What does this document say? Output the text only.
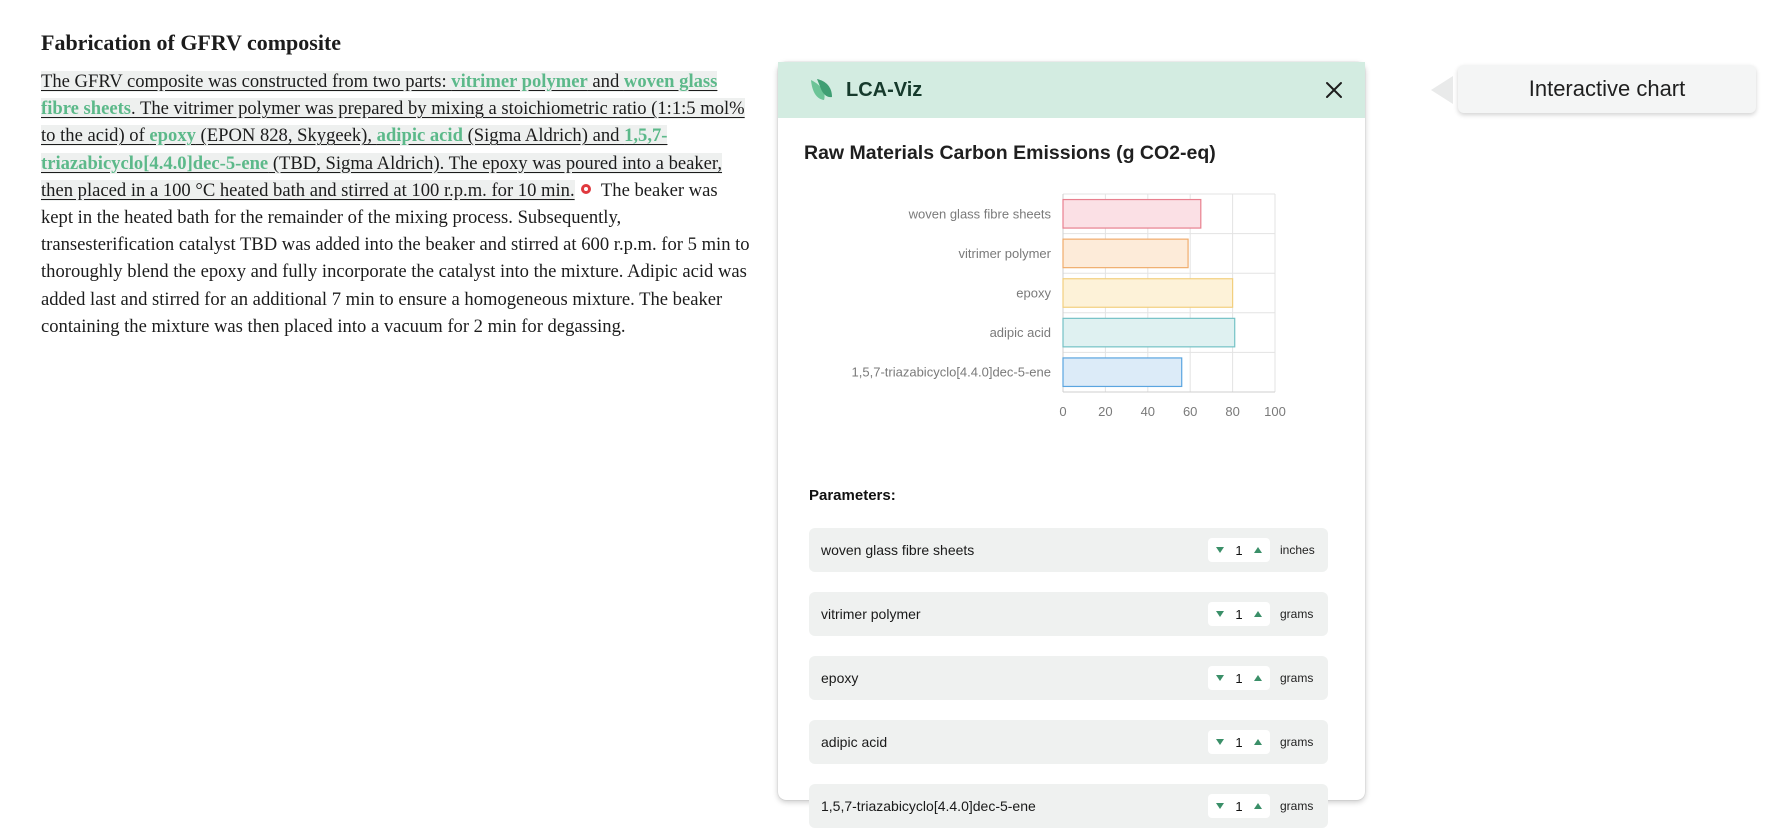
Fabrication of GFRV composite

The GFRV composite was constructed from two parts: vitrimer polymer and woven glass fibre sheets. The vitrimer polymer was prepared by mixing a stoichiometric ratio (1:1:5 mol% to the acid) of epoxy (EPON 828, Skygeek), adipic acid (Sigma Aldrich) and 1,5,7-triazabicyclo[4.4.0]dec-5-ene (TBD, Sigma Aldrich). The epoxy was poured into a beaker, then placed in a 100 °C heated bath and stirred at 100 r.p.m. for 10 min. The beaker was kept in the heated bath for the remainder of the mixing process. Subsequently, transesterification catalyst TBD was added into the beaker and stirred at 600 r.p.m. for 5 min to thoroughly blend the epoxy and fully incorporate the catalyst into the mixture. Adipic acid was added last and stirred for an additional 7 min to ensure a homogeneous mixture. The beaker containing the mixture was then placed into a vacuum for 2 min for degassing.

LCA-Viz
Raw Materials Carbon Emissions (g CO2-eq)
woven glass fibre sheets
vitrimer polymer
epoxy
adipic acid
1,5,7-triazabicyclo[4.4.0]dec-5-ene
0 20 40 60 80 100
Parameters:
woven glass fibre sheets	1	inches
vitrimer polymer	1	grams
epoxy	1	grams
adipic acid	1	grams
1,5,7-triazabicyclo[4.4.0]dec-5-ene	1	grams
Interactive chart
